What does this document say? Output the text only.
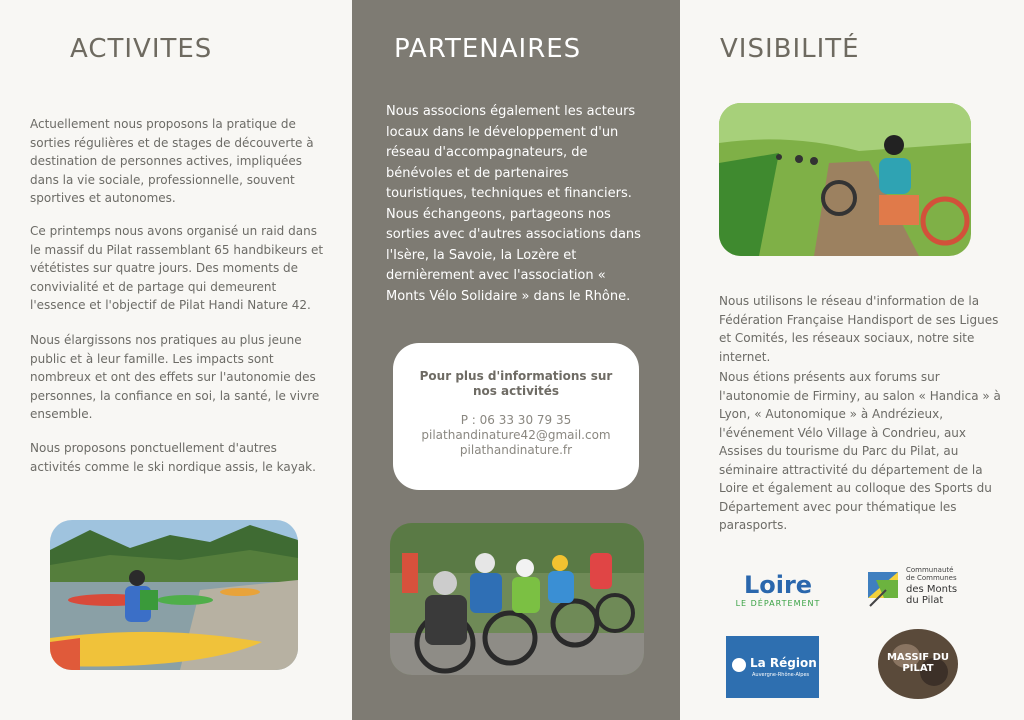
ACTIVITES

Actuellement nous proposons la pratique de sorties régulières et de stages de découverte à destination de personnes actives, impliquées dans la vie sociale, professionnelle, souvent sportives et autonomes.

Ce printemps nous avons organisé un raid dans le massif du Pilat rassemblant 65 handbikeurs et vététistes sur quatre jours. Des moments de convivialité et de partage qui demeurent l'essence et l'objectif de Pilat Handi Nature 42.

Nous élargissons nos pratiques au plus jeune public et à leur famille. Les impacts sont nombreux et ont des effets sur l'autonomie des personnes, la confiance en soi, la santé, le vivre ensemble.

Nous proposons ponctuellement d'autres activités comme le ski nordique assis, le kayak.

PARTENAIRES

Nous associons également les acteurs locaux dans le développement d'un réseau d'accompagnateurs, de bénévoles et de partenaires touristiques, techniques et financiers. Nous échangeons, partageons nos sorties avec d'autres associations dans l'Isère, la Savoie, la Lozère et dernièrement avec l'association « Monts Vélo Solidaire » dans le Rhône.

Pour plus d'informations sur nos activités
P : 06 33 30 79 35
pilathandinature42@gmail.com
pilathandinature.fr
VISIBILITÉ

Nous utilisons le réseau d'information de la Fédération Française Handisport de ses Ligues et Comités, les réseaux sociaux, notre site internet.

Nous étions présents aux forums sur l'autonomie de Firminy, au salon « Handica » à Lyon, « Autonomique » à Andrézieux, l'événement Vélo Village à Condrieu, aux Assises du tourisme du Parc du Pilat, au séminaire attractivité du département de la Loire et également au colloque des Sports du Département avec pour thématique les parasports.

Loire
LE DÉPARTEMENT
Communauté
de Communes
des Monts
du Pilat
La Région
Auvergne-Rhône-Alpes
MASSIF DU PILAT
